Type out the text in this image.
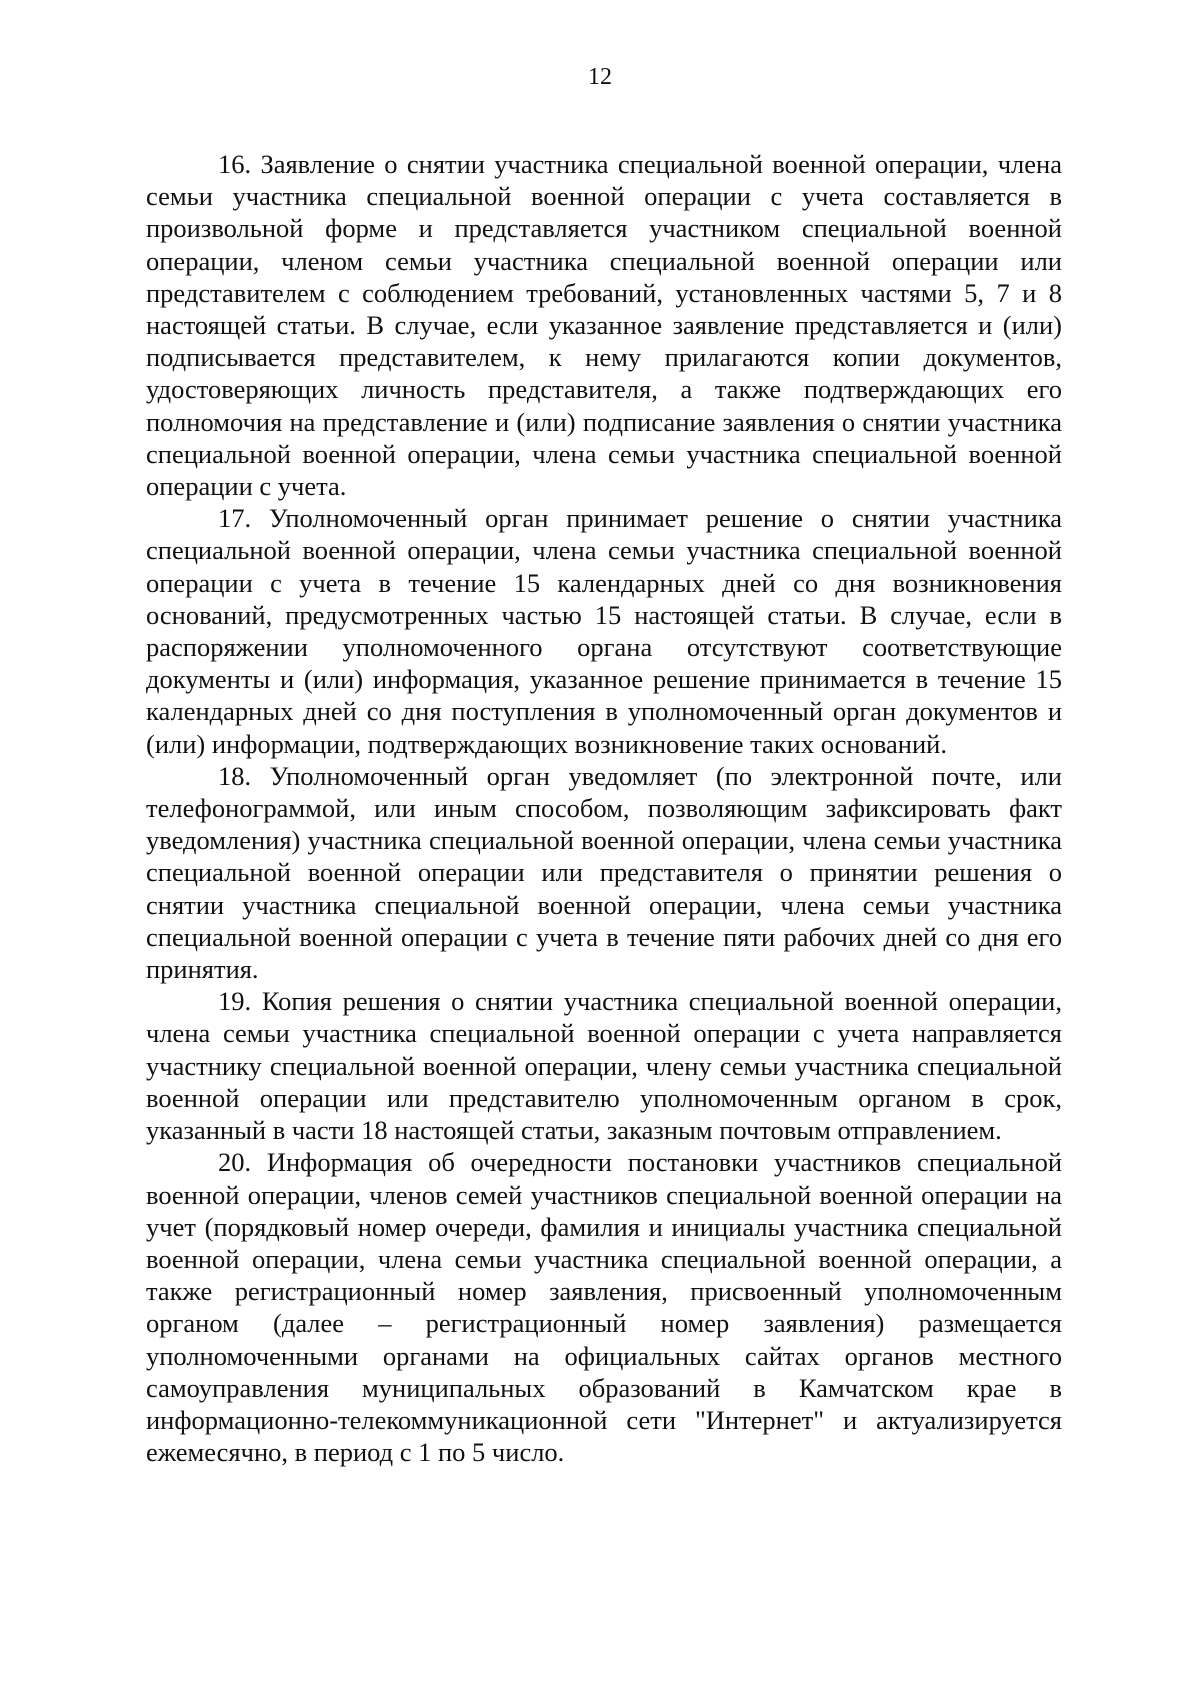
12

16. Заявление о снятии участника специальной военной операции, члена семьи участника специальной военной операции с учета составляется в произвольной форме и представляется участником специальной военной операции, членом семьи участника специальной военной операции или представителем с соблюдением требований, установленных частями 5, 7 и 8 настоящей статьи. В случае, если указанное заявление представляется и (или) подписывается представителем, к нему прилагаются копии документов, удостоверяющих личность представителя, а также подтверждающих его полномочия на представление и (или) подписание заявления о снятии участника специальной военной операции, члена семьи участника специальной военной операции с учета.

17. Уполномоченный орган принимает решение о снятии участника специальной военной операции, члена семьи участника специальной военной операции с учета в течение 15 календарных дней со дня возникновения оснований, предусмотренных частью 15 настоящей статьи. В случае, если в распоряжении уполномоченного органа отсутствуют соответствующие документы и (или) информация, указанное решение принимается в течение 15 календарных дней со дня поступления в уполномоченный орган документов и (или) информации, подтверждающих возникновение таких оснований.

18. Уполномоченный орган уведомляет (по электронной почте, или телефонограммой, или иным способом, позволяющим зафиксировать факт уведомления) участника специальной военной операции, члена семьи участника специальной военной операции или представителя о принятии решения о снятии участника специальной военной операции, члена семьи участника специальной военной операции с учета в течение пяти рабочих дней со дня его принятия.

19. Копия решения о снятии участника специальной военной операции, члена семьи участника специальной военной операции с учета направляется участнику специальной военной операции, члену семьи участника специальной военной операции или представителю уполномоченным органом в срок, указанный в части 18 настоящей статьи, заказным почтовым отправлением.

20. Информация об очередности постановки участников специальной военной операции, членов семей участников специальной военной операции на учет (порядковый номер очереди, фамилия и инициалы участника специальной военной операции, члена семьи участника специальной военной операции, а также регистрационный номер заявления, присвоенный уполномоченным органом (далее – регистрационный номер заявления) размещается уполномоченными органами на официальных сайтах органов местного самоуправления муниципальных образований в Камчатском крае в информационно-телекоммуникационной сети "Интернет" и актуализируется ежемесячно, в период с 1 по 5 число.
